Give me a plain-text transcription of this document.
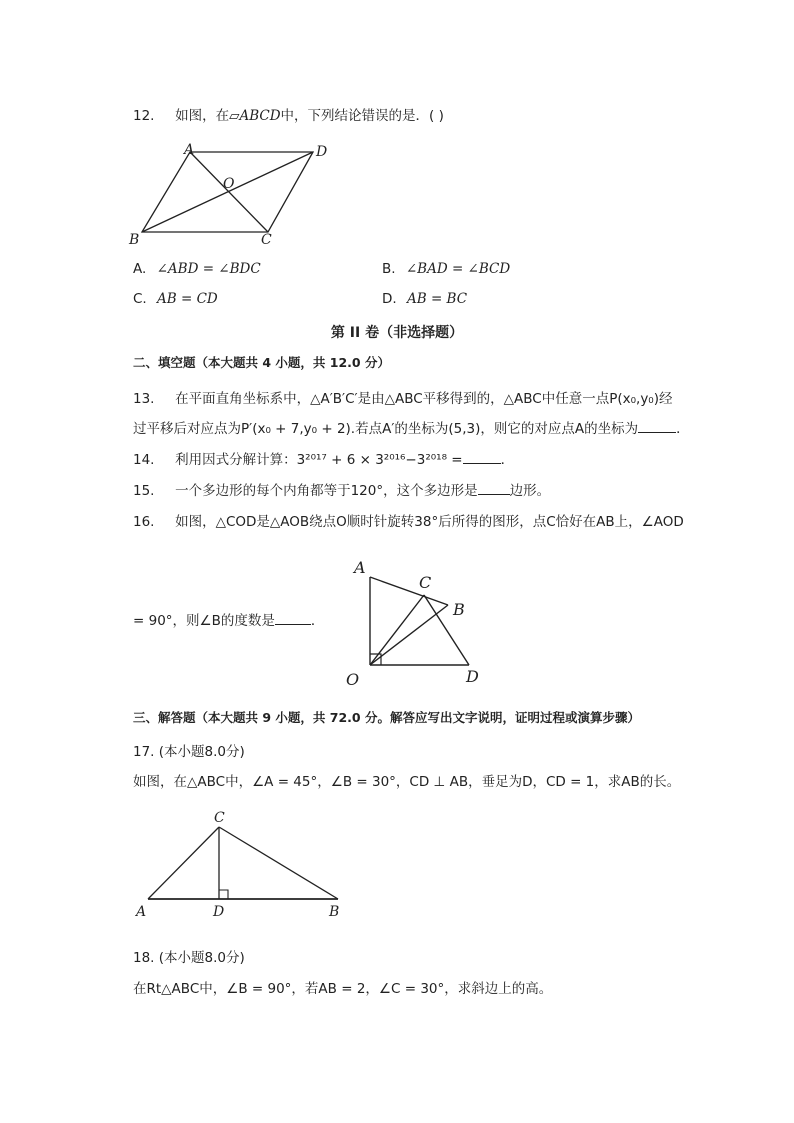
12. 如图，在▱ABCD中，下列结论错误的是．( )
A	D
O
B	C
A. ∠ABD = ∠BDC	B. ∠BAD = ∠BCD
C. AB = CD	D. AB = BC
第 II 卷（非选择题）
二、填空题（本大题共 4 小题，共 12.0 分）
13. 在平面直角坐标系中，△A′B′C′是由△ABC平移得到的，△ABC中任意一点P(x₀,y₀)经
过平移后对应点为P′(x₀ + 7,y₀ + 2).若点A′的坐标为(5,3)，则它的对应点A的坐标为	．
14. 利用因式分解计算：3²⁰¹⁷ + 6 × 3²⁰¹⁶−3²⁰¹⁸ =	．
15. 一个多边形的每个内角都等于120°，这个多边形是 边形。
16. 如图，△COD是△AOB绕点O顺时针旋转38°后所得的图形，点C恰好在AB上，∠AOD
= 90°，则∠B的度数是	．
A
C
B
O	D
三、解答题（本大题共 9 小题，共 72.0 分。解答应写出文字说明，证明过程或演算步骤）
17. (本小题8.0分)
如图，在△ABC中，∠A = 45°，∠B = 30°，CD ⊥ AB，垂足为D，CD = 1，求AB的长。
C
A	D	B
18. (本小题8.0分)
在Rt△ABC中，∠B = 90°，若AB = 2，∠C = 30°，求斜边上的高。
